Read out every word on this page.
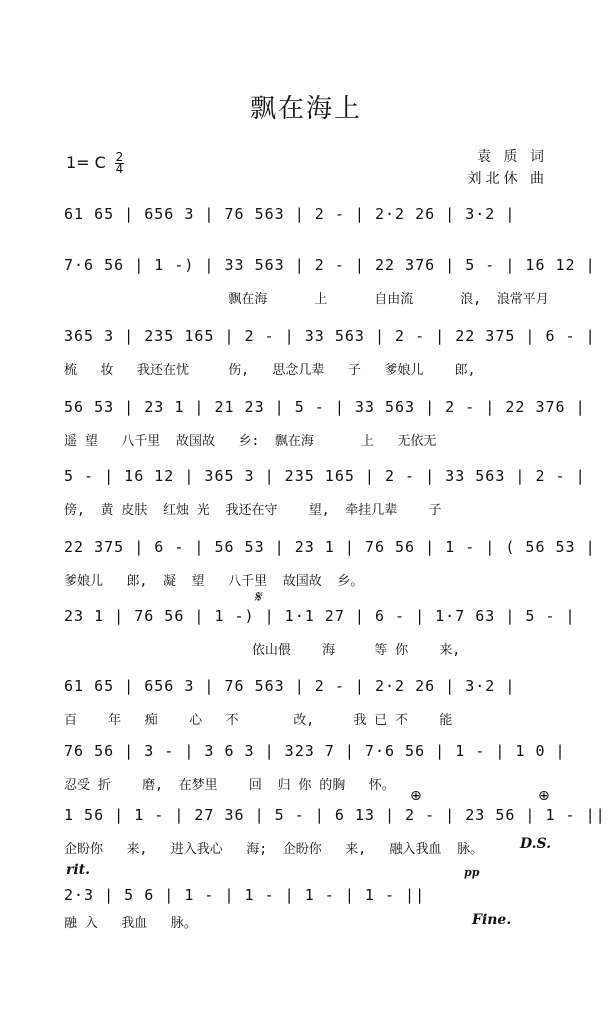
飘在海上
1= C $\frac{2}{4}$	袁 质 词
刘北休 曲
61 65 | 656 3 | 76 563 | 2 - | 2·2 26 | 3·2 |
7·6 56 | 1 -) | 33 563 | 2 - | 22 376 | 5 - | 16 12 |
飘在海      上      自由流      浪,  浪常平月
365 3 | 235 165 | 2 - | 33 563 | 2 - | 22 375 | 6 - |
梳   妆   我还在忧     伤,   思念几辈   子   爹娘儿    郎,
56 53 | 23 1 | 21 23 | 5 - | 33 563 | 2 - | 22 376 |
遥 望   八千里  故国故   乡:  飘在海      上   无依无
5 - | 16 12 | 365 3 | 235 165 | 2 - | 33 563 | 2 - |
傍,  黄 皮肤  红烛 光  我还在守    望,  牵挂几辈    子
22 375 | 6 - | 56 53 | 23 1 | 76 56 | 1 - | ( 56 53 |
爹娘儿   郎,  凝  望   八千里  故国故  乡。
𝄋
23 1 | 76 56 | 1 -) | 1·1 27 | 6 - | 1·7 63 | 5 - |
依山偎    海     等 你    来,
61 65 | 656 3 | 76 563 | 2 - | 2·2 26 | 3·2 |
百    年   痴    心   不       改,     我 已 不    能
76 56 | 3 - | 3 6 3 | 323 7 | 7·6 56 | 1 - | 1 0 |
忍受 折    磨,  在梦里    回  归 你 的胸   怀。
⊕	⊕
1 56 | 1 - | 27 36 | 5 - | 6 13 | 2 - | 23 56 | 1 - ||
企盼你   来,   进入我心   海;  企盼你   来,   融入我血  脉。	D.S.
rit.	pp
2·3 | 5 6 | 1 - | 1 - | 1 - | 1 - ||
融 入   我血   脉。	Fine.
